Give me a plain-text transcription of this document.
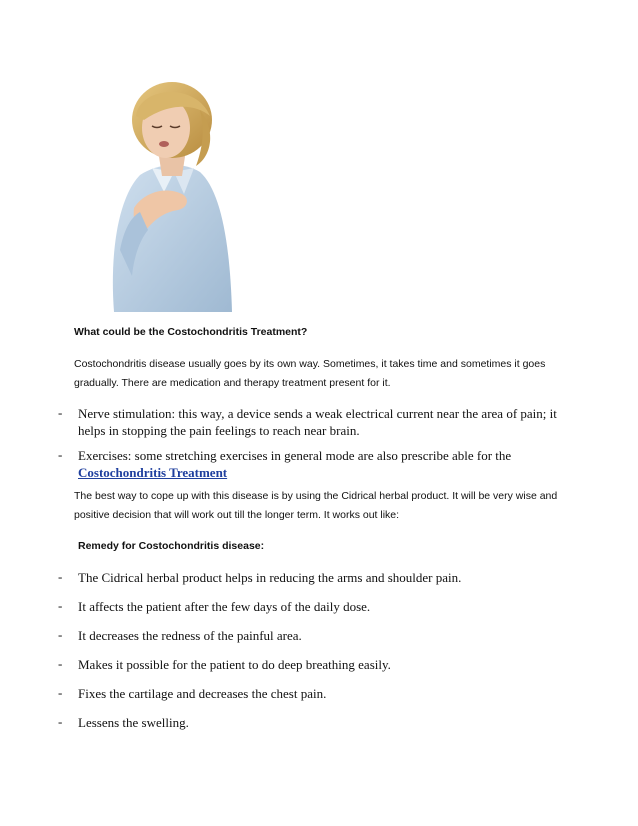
What could be the Costochondritis Treatment?
Costochondritis disease usually goes by its own way. Sometimes, it takes time and sometimes it goes gradually. There are medication and therapy treatment present for it.
- Nerve stimulation: this way, a device sends a weak electrical current near the area of pain; it helps in stopping the pain feelings to reach near brain.
- Exercises: some stretching exercises in general mode are also prescribe able for the
Costochondritis Treatment
The best way to cope up with this disease is by using the Cidrical herbal product. It will be very wise and positive decision that will work out till the longer term. It works out like:
Remedy for Costochondritis disease:
- The Cidrical herbal product helps in reducing the arms and shoulder pain.
- It affects the patient after the few days of the daily dose.
- It decreases the redness of the painful area.
- Makes it possible for the patient to do deep breathing easily.
- Fixes the cartilage and decreases the chest pain.
- Lessens the swelling.
